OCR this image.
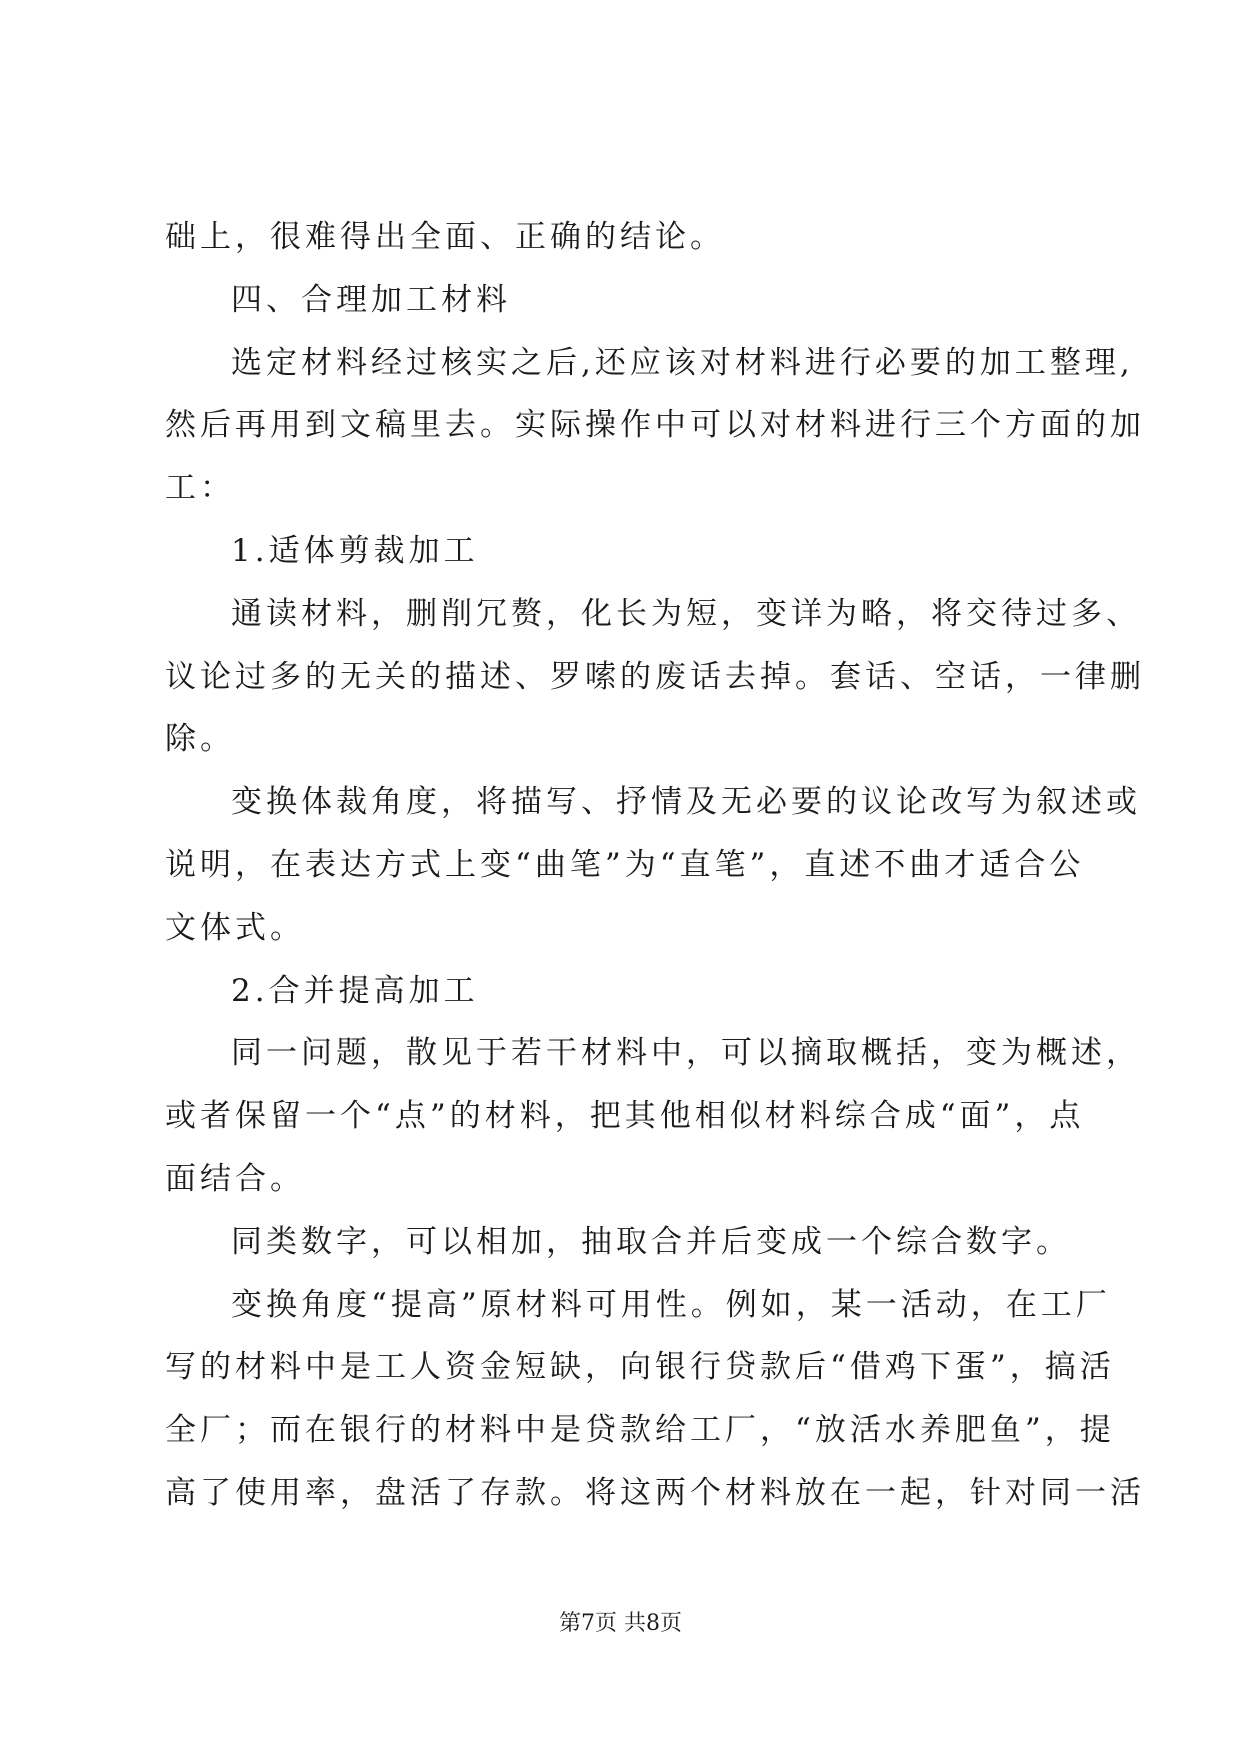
础上，很难得出全面、正确的结论。
四、合理加工材料
选定材料经过核实之后,还应该对材料进行必要的加工整理,
然后再用到文稿里去。实际操作中可以对材料进行三个方面的加
工：
1.适体剪裁加工
通读材料，删削冗赘，化长为短，变详为略，将交待过多、
议论过多的无关的描述、罗嗦的废话去掉。套话、空话，一律删
除。
变换体裁角度，将描写、抒情及无必要的议论改写为叙述或
说明，在表达方式上变“曲笔”为“直笔”，直述不曲才适合公
文体式。
2.合并提高加工
同一问题，散见于若干材料中，可以摘取概括，变为概述，
或者保留一个“点”的材料，把其他相似材料综合成“面”，点
面结合。
同类数字，可以相加，抽取合并后变成一个综合数字。
变换角度“提高”原材料可用性。例如，某一活动，在工厂
写的材料中是工人资金短缺，向银行贷款后“借鸡下蛋”，搞活
全厂；而在银行的材料中是贷款给工厂，“放活水养肥鱼”，提
高了使用率，盘活了存款。将这两个材料放在一起，针对同一活
第7页 共8页
